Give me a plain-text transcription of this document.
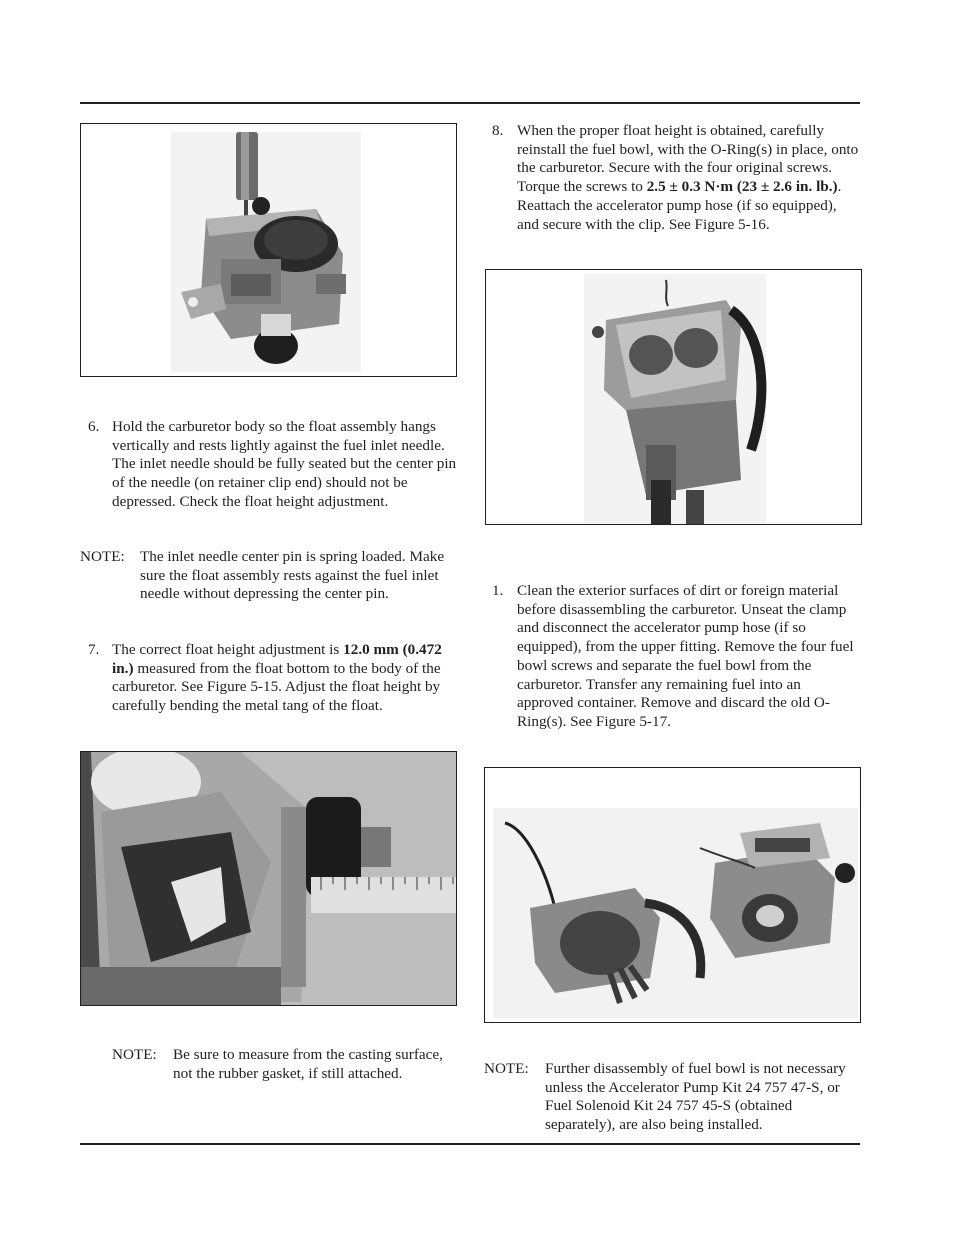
6. Hold the carburetor body so the float assembly hangs vertically and rests lightly against the fuel inlet needle. The inlet needle should be fully seated but the center pin of the needle (on retainer clip end) should not be depressed. Check the float height adjustment.
NOTE: The inlet needle center pin is spring loaded. Make sure the float assembly rests against the fuel inlet needle without depressing the center pin.
7. The correct float height adjustment is 12.0 mm (0.472 in.) measured from the float bottom to the body of the carburetor. See Figure 5-15. Adjust the float height by carefully bending the metal tang of the float.
NOTE: Be sure to measure from the casting surface, not the rubber gasket, if still attached.
8. When the proper float height is obtained, carefully reinstall the fuel bowl, with the O-Ring(s) in place, onto the carburetor. Secure with the four original screws. Torque the screws to 2.5 ± 0.3 N·m (23 ± 2.6 in. lb.). Reattach the accelerator pump hose (if so equipped), and secure with the clip. See Figure 5-16.
1. Clean the exterior surfaces of dirt or foreign material before disassembling the carburetor. Unseat the clamp and disconnect the accelerator pump hose (if so equipped), from the upper fitting. Remove the four fuel bowl screws and separate the fuel bowl from the carburetor. Transfer any remaining fuel into an approved container. Remove and discard the old O-Ring(s). See Figure 5-17.
NOTE: Further disassembly of fuel bowl is not necessary unless the Accelerator Pump Kit 24 757 47-S, or Fuel Solenoid Kit 24 757 45-S (obtained separately), are also being installed.
